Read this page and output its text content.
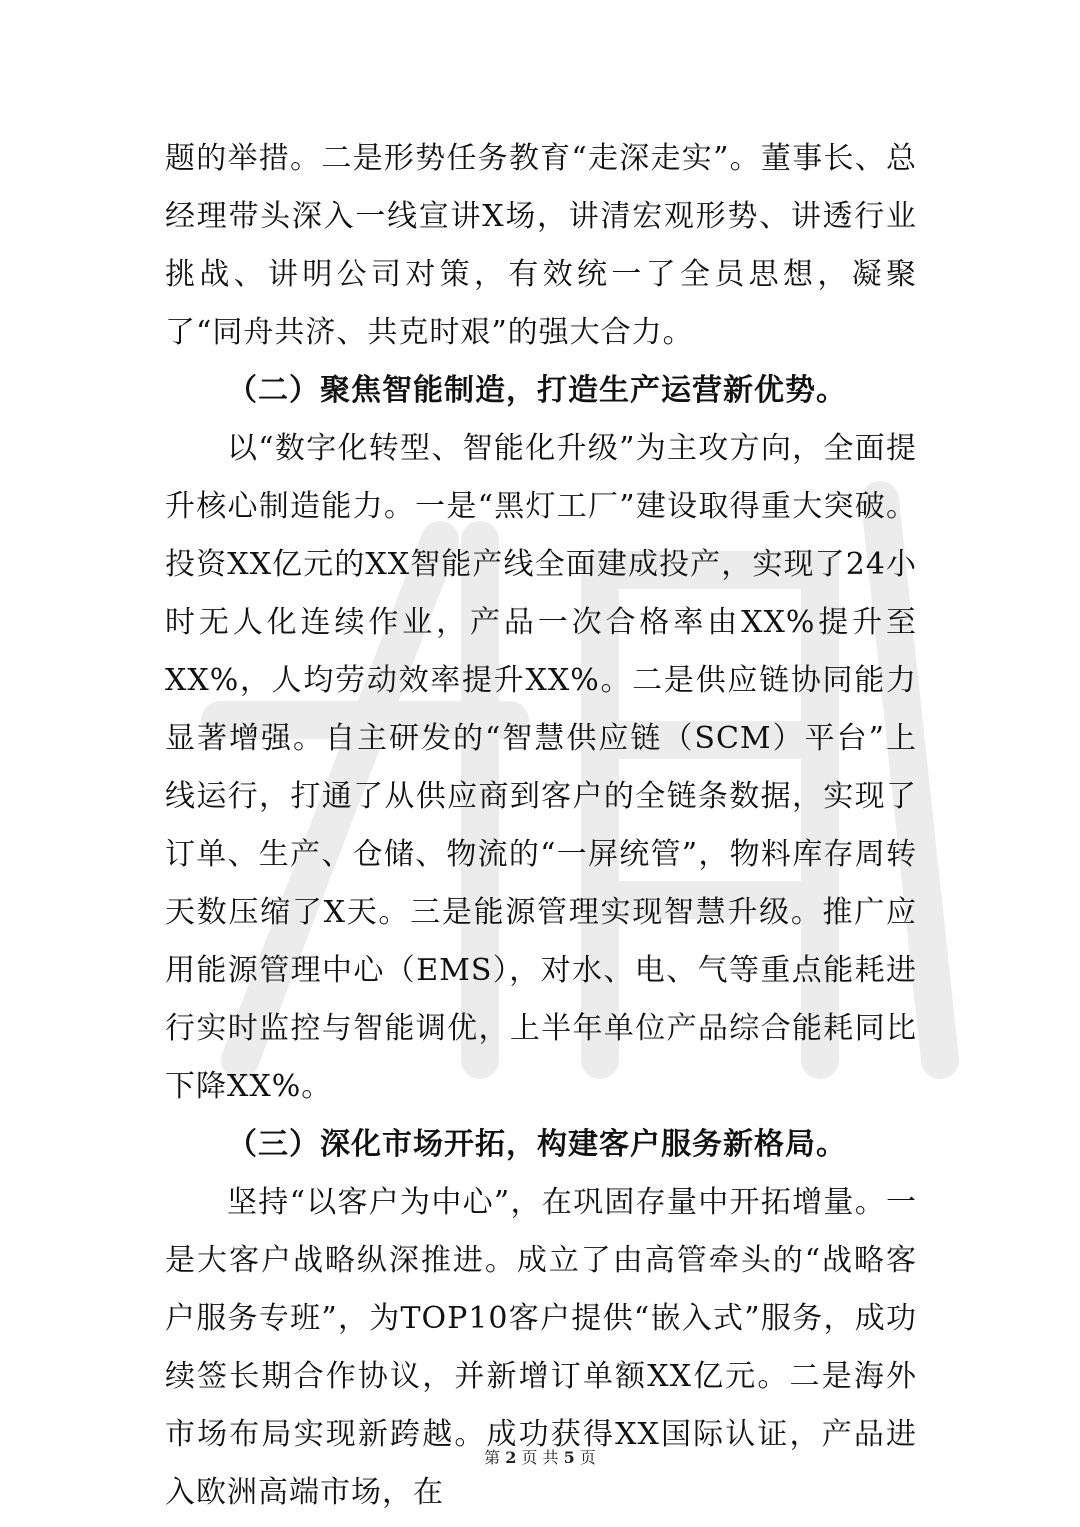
题的举措。二是形势任务教育“走深走实”。董事长、总经理带头深入一线宣讲X场，讲清宏观形势、讲透行业挑战、讲明公司对策，有效统一了全员思想，凝聚了“同舟共济、共克时艰”的强大合力。

（二）聚焦智能制造，打造生产运营新优势。

以“数字化转型、智能化升级”为主攻方向，全面提升核心制造能力。一是“黑灯工厂”建设取得重大突破。投资XX亿元的XX智能产线全面建成投产，实现了24小时无人化连续作业，产品一次合格率由XX%提升至XX%，人均劳动效率提升XX%。二是供应链协同能力显著增强。自主研发的“智慧供应链（SCM）平台”上线运行，打通了从供应商到客户的全链条数据，实现了订单、生产、仓储、物流的“一屏统管”，物料库存周转天数压缩了X天。三是能源管理实现智慧升级。推广应用能源管理中心（EMS），对水、电、气等重点能耗进行实时监控与智能调优，上半年单位产品综合能耗同比下降XX%。

（三）深化市场开拓，构建客户服务新格局。

坚持“以客户为中心”，在巩固存量中开拓增量。一是大客户战略纵深推进。成立了由高管牵头的“战略客户服务专班”，为TOP10客户提供“嵌入式”服务，成功续签长期合作协议，并新增订单额XX亿元。二是海外市场布局实现新跨越。成功获得XX国际认证，产品进入欧洲高端市场，在

第 2 页 共 5 页
